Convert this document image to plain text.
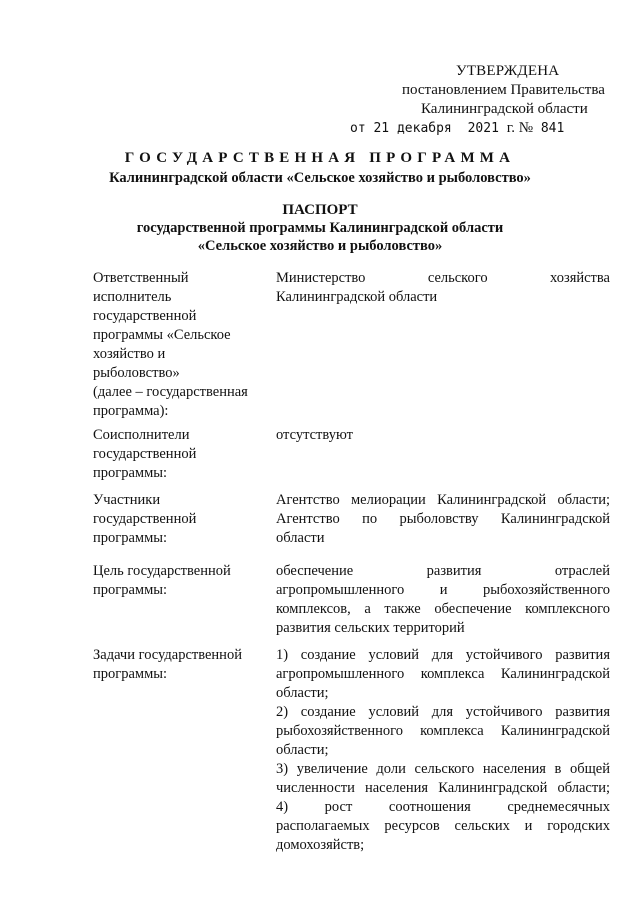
УТВЕРЖДЕНА
постановлением Правительства
Калининградской области
от 21 декабря 2021 г. № 841
ГОСУДАРСТВЕННАЯ ПРОГРАММА
Калининградской области «Сельское хозяйство и рыболовство»
ПАСПОРТ
государственной программы Калининградской области
«Сельское хозяйство и рыболовство»
Ответственный
исполнитель
государственной
программы «Сельское
хозяйство и
рыболовство»
(далее – государственная
программа):
Министерство сельского хозяйства
Калининградской области
Соисполнители
государственной
программы:
отсутствуют
Участники
государственной
программы:
Агентство мелиорации Калининградской области;
Агентство по рыболовству Калининградской
области
Цель государственной
программы:
обеспечение развития отраслей
агропромышленного и рыбохозяйственного
комплексов, а также обеспечение комплексного
развития сельских территорий
Задачи государственной
программы:
1) создание условий для устойчивого развития
агропромышленного комплекса Калининградской
области;
2) создание условий для устойчивого развития
рыбохозяйственного комплекса Калининградской
области;
3) увеличение доли сельского населения в общей
численности населения Калининградской области;
4) рост соотношения среднемесячных
располагаемых ресурсов сельских и городских
домохозяйств;
